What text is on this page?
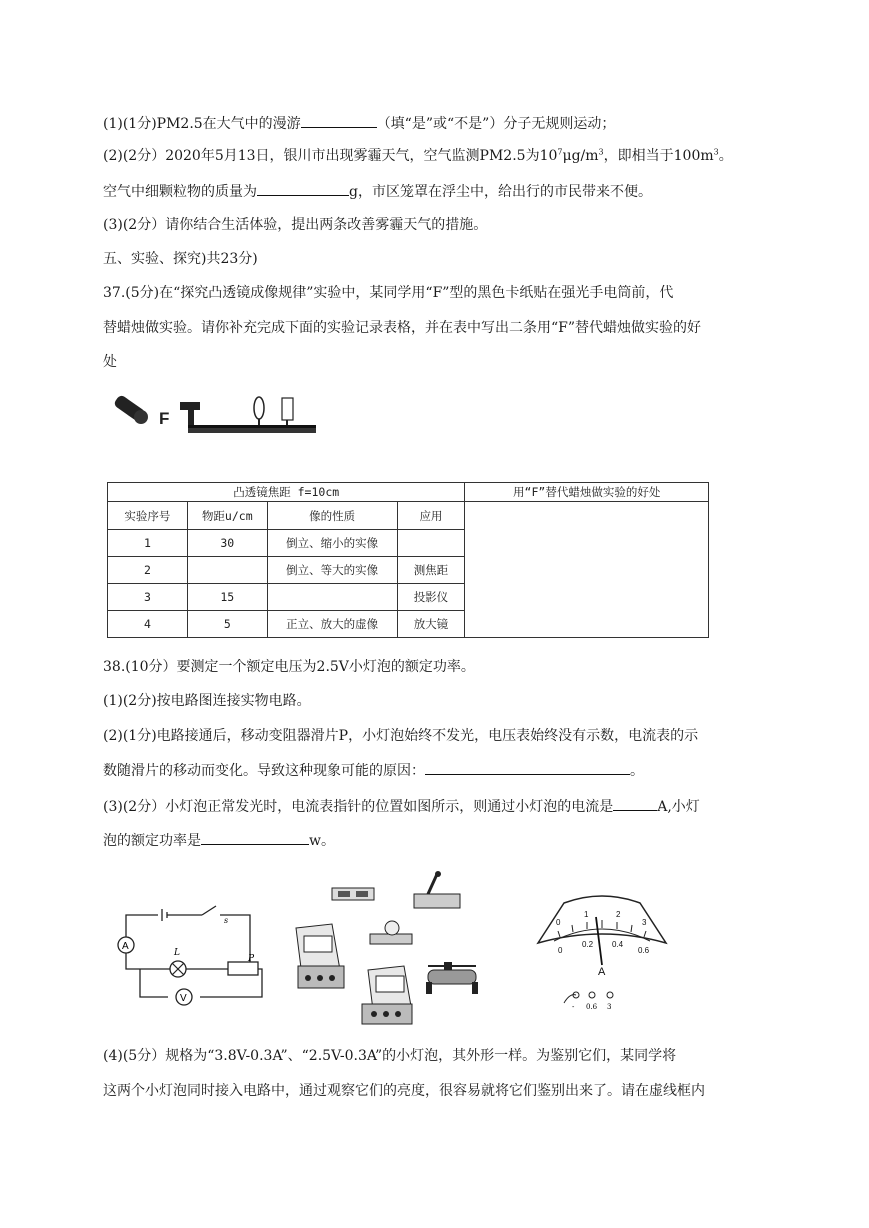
(1)(1分)PM2.5在大气中的漫游	（填“是”或“不是”）分子无规则运动；
(2)(2分）2020年5月13日，银川市出现雾霾天气，空气监测PM2.5为$10^7\mu g/m^3$，即相当于$100m^3$。
空气中细颗粒物的质量为	g，市区笼罩在浮尘中，给出行的市民带来不便。
(3)(2分）请你结合生活体验，提出两条改善雾霾天气的措施。
五、实验、探究)共23分)
37.(5分)在“探究凸透镜成像规律”实验中，某同学用“F”型的黑色卡纸贴在强光手电筒前，代
替蜡烛做实验。请你补充完成下面的实验记录表格，并在表中写出二条用“F”替代蜡烛做实验的好
处
F
凸透镜焦距 f=10cm				用“F”替代蜡烛做实验的好处
实验序号	物距u/cm	像的性质	应用	
1	30	倒立、缩小的实像		
2		倒立、等大的实像	测焦距	
3	15		投影仪	
4	5	正立、放大的虚像	放大镜	
38.(10分）要测定一个额定电压为2.5V小灯泡的额定功率。
(1)(2分)按电路图连接实物电路。
(2)(1分)电路接通后，移动变阻器滑片P，小灯泡始终不发光，电压表始终没有示数，电流表的示
数随滑片的移动而变化。导致这种现象可能的原因：	。
(3)(2分）小灯泡正常发光时，电流表指针的位置如图所示，则通过小灯泡的电流是	A,小灯
泡的额定功率是	w。
A
L
V
s
P
0
1	2
3
0
0.2 0.4
0.6
A
- 0.6 3
(4)(5分）规格为“3.8V-0.3A”、“2.5V-0.3A”的小灯泡，其外形一样。为鉴别它们，某同学将
这两个小灯泡同时接入电路中，通过观察它们的亮度，很容易就将它们鉴别出来了。请在虚线框内
